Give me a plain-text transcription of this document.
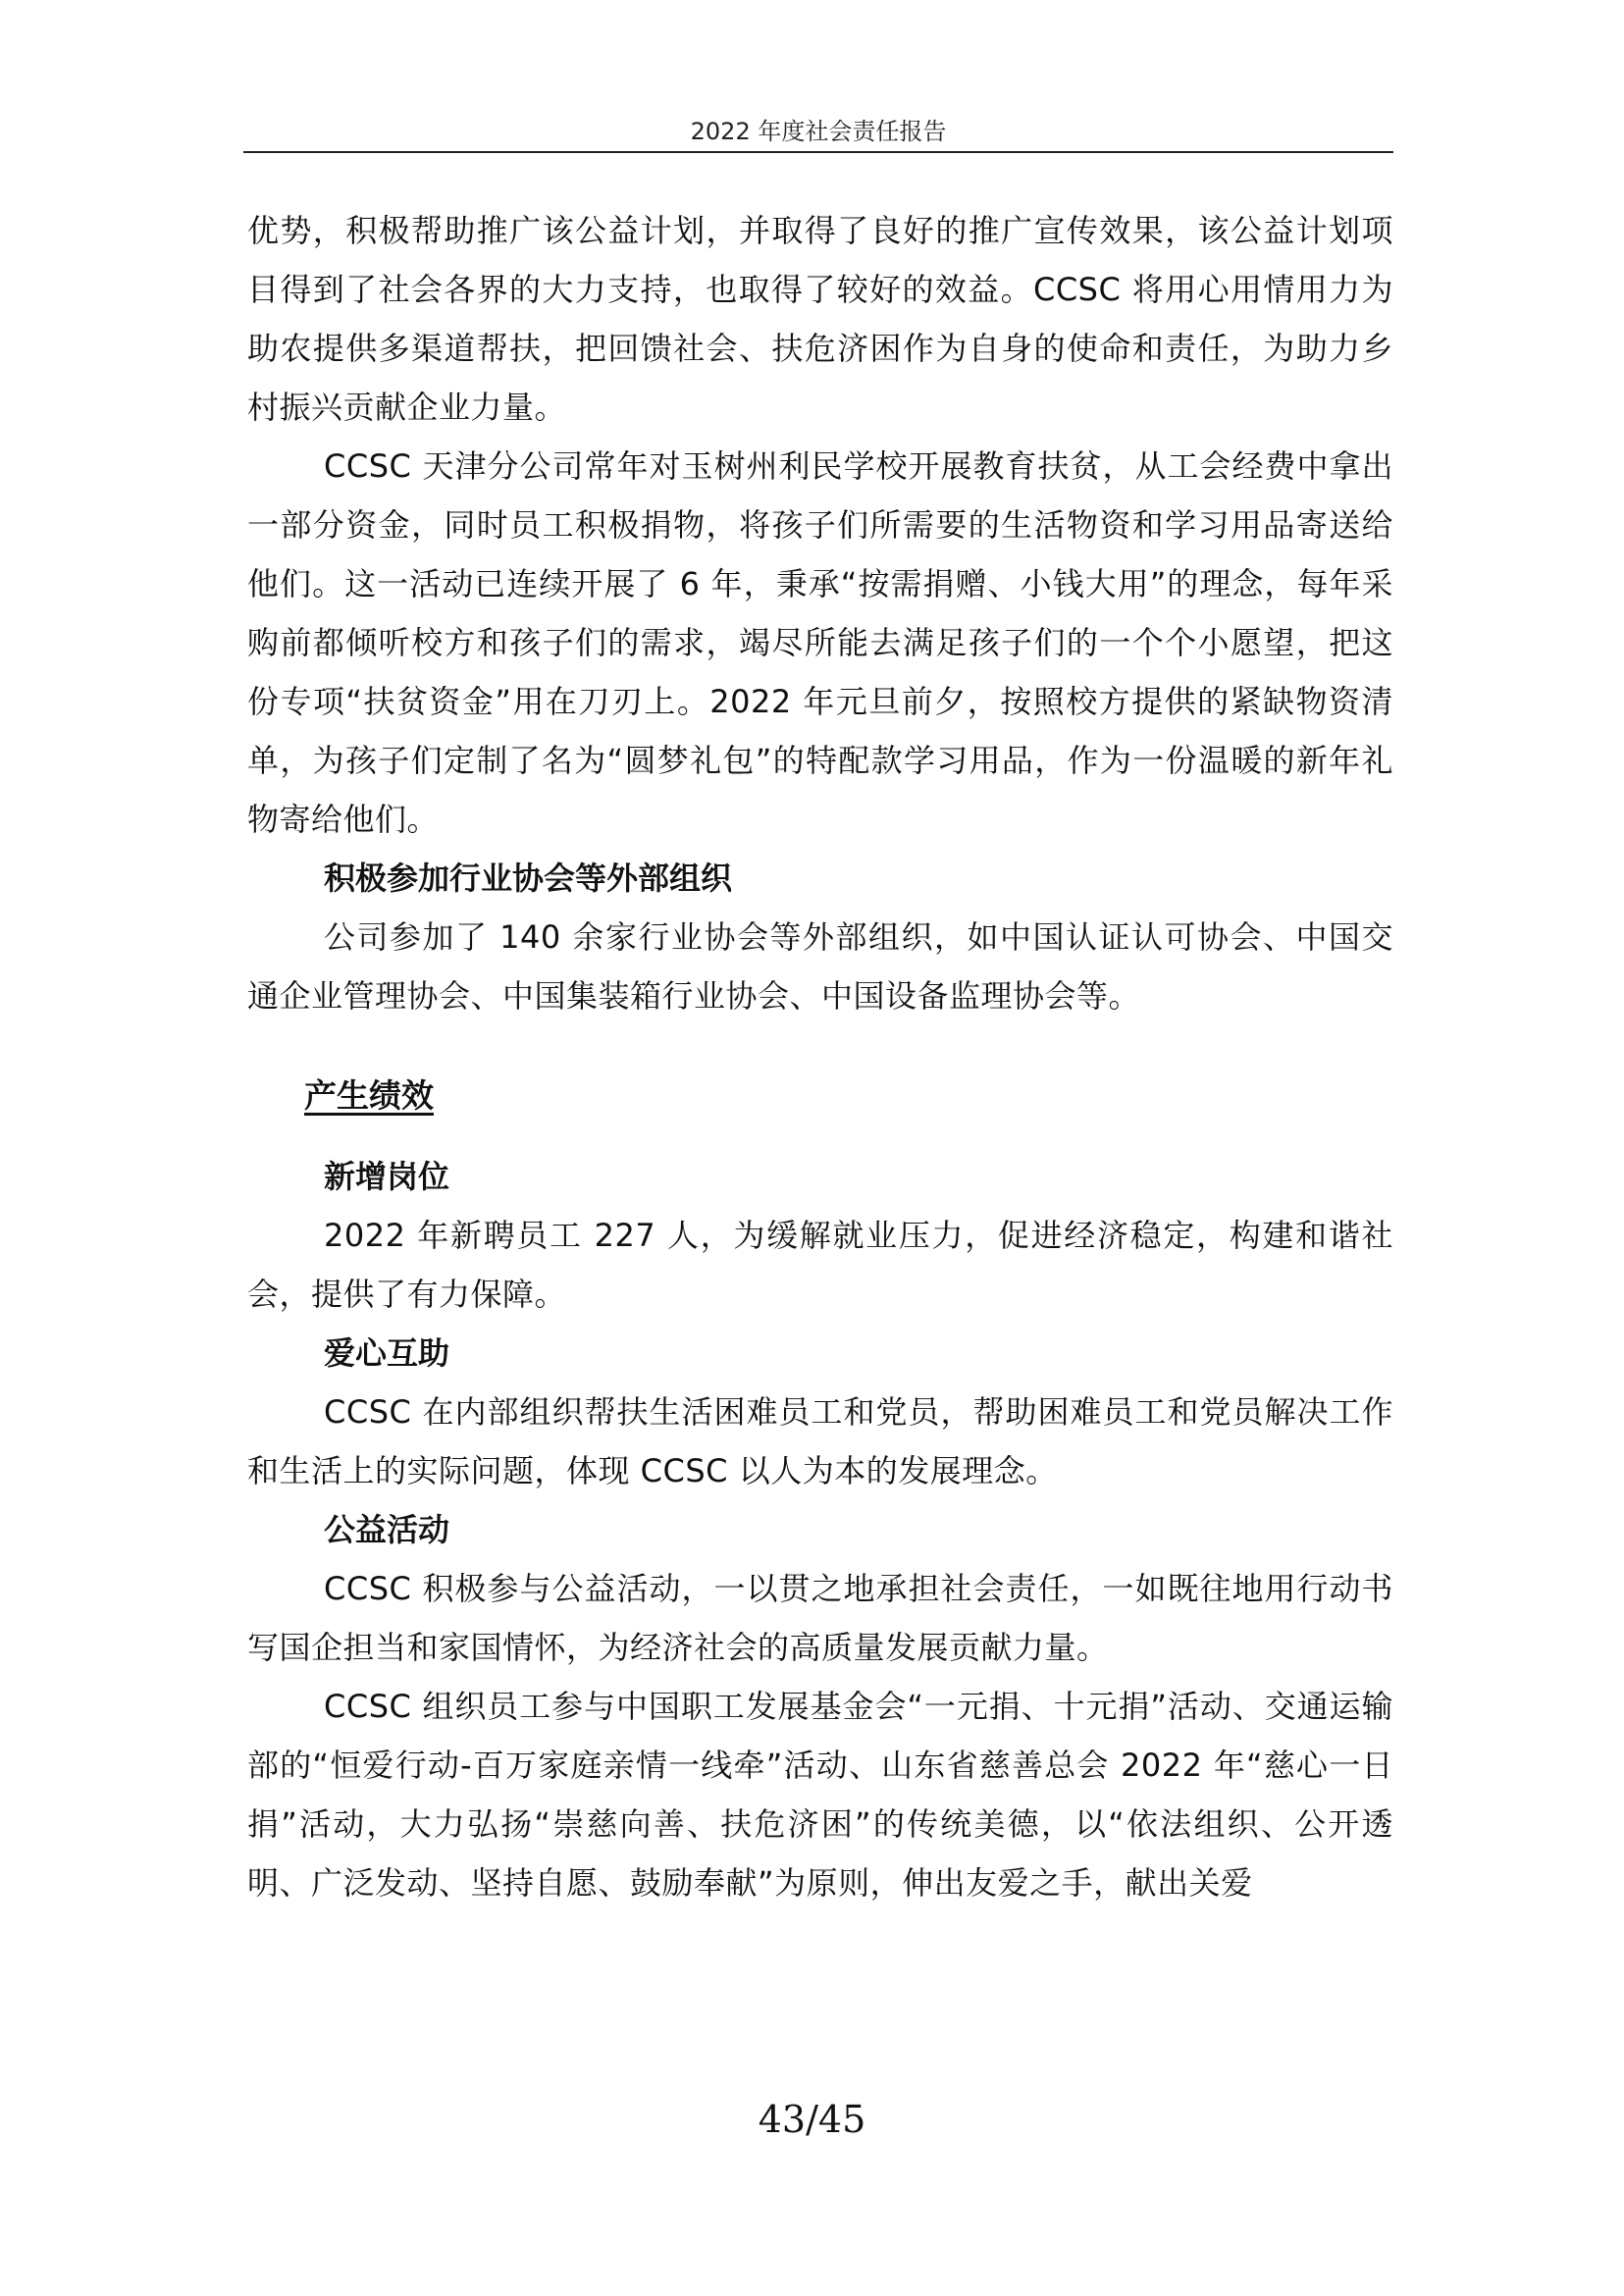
2022 年度社会责任报告

优势，积极帮助推广该公益计划，并取得了良好的推广宣传效果，该公益计划项目得到了社会各界的大力支持，也取得了较好的效益。CCSC 将用心用情用力为助农提供多渠道帮扶，把回馈社会、扶危济困作为自身的使命和责任，为助力乡村振兴贡献企业力量。

CCSC 天津分公司常年对玉树州利民学校开展教育扶贫，从工会经费中拿出一部分资金，同时员工积极捐物，将孩子们所需要的生活物资和学习用品寄送给他们。这一活动已连续开展了 6 年，秉承“按需捐赠、小钱大用”的理念，每年采购前都倾听校方和孩子们的需求，竭尽所能去满足孩子们的一个个小愿望，把这份专项“扶贫资金”用在刀刃上。2022 年元旦前夕，按照校方提供的紧缺物资清单，为孩子们定制了名为“圆梦礼包”的特配款学习用品，作为一份温暖的新年礼物寄给他们。

积极参加行业协会等外部组织

公司参加了 140 余家行业协会等外部组织，如中国认证认可协会、中国交通企业管理协会、中国集装箱行业协会、中国设备监理协会等。

产生绩效

新增岗位

2022 年新聘员工 227 人，为缓解就业压力，促进经济稳定，构建和谐社会，提供了有力保障。

爱心互助

CCSC 在内部组织帮扶生活困难员工和党员，帮助困难员工和党员解决工作和生活上的实际问题，体现 CCSC 以人为本的发展理念。

公益活动

CCSC 积极参与公益活动，一以贯之地承担社会责任，一如既往地用行动书写国企担当和家国情怀，为经济社会的高质量发展贡献力量。

CCSC 组织员工参与中国职工发展基金会“一元捐、十元捐”活动、交通运输部的“恒爱行动-百万家庭亲情一线牵”活动、山东省慈善总会 2022 年“慈心一日捐”活动，大力弘扬“崇慈向善、扶危济困”的传统美德，以“依法组织、公开透明、广泛发动、坚持自愿、鼓励奉献”为原则，伸出友爱之手，献出关爱

43/45
